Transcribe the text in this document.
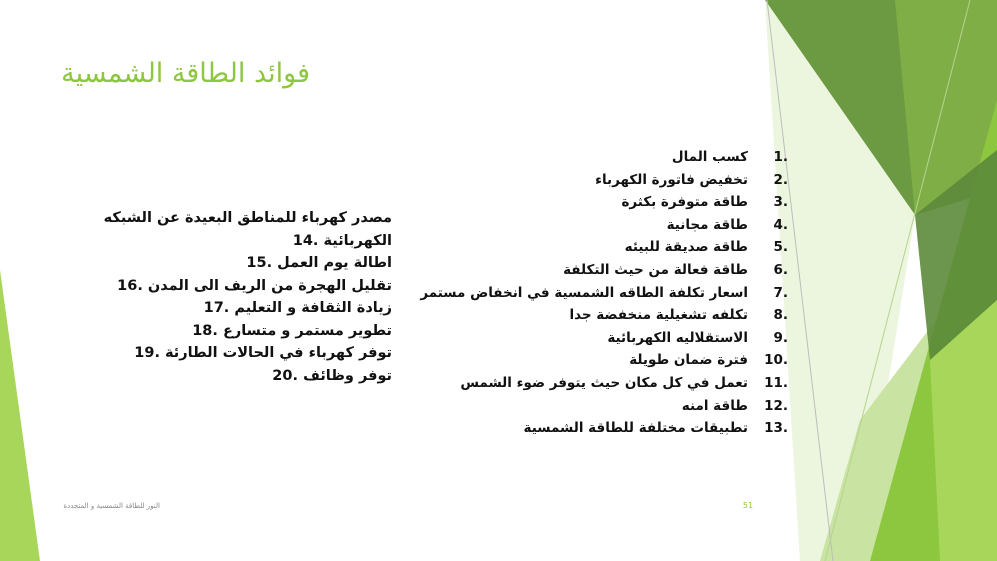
فوائد الطاقة الشمسية
.1كسب المال
.2تخفيض فاتورة الكهرباء
.3طاقة متوفرة بكثرة
.4طاقة مجانية
.5طاقة صديقة للبيئه
.6طاقة فعالة من حيث التكلفة
.7اسعار تكلفة الطاقه الشمسية في انخفاض مستمر
.8تكلفه تشغيلية منخفضة جدا
.9الاستقلاليه الكهربائية
.10فترة ضمان طويلة
.11تعمل في كل مكان حيث يتوفر ضوء الشمس
.12طاقة امنه
.13تطبيقات مختلفة للطاقة الشمسية
مصدر كهرباء للمناطق البعيدة عن الشبكه الكهربائية .14
اطالة يوم العمل .15
تقليل الهجرة من الريف الى المدن .16
زيادة الثقافة و التعليم .17
تطوير مستمر و متسارع .18
توفر كهرباء في الحالات الطارئة .19
توفر وظائف .20
النور للطاقة الشمسية و المتجددة	51
